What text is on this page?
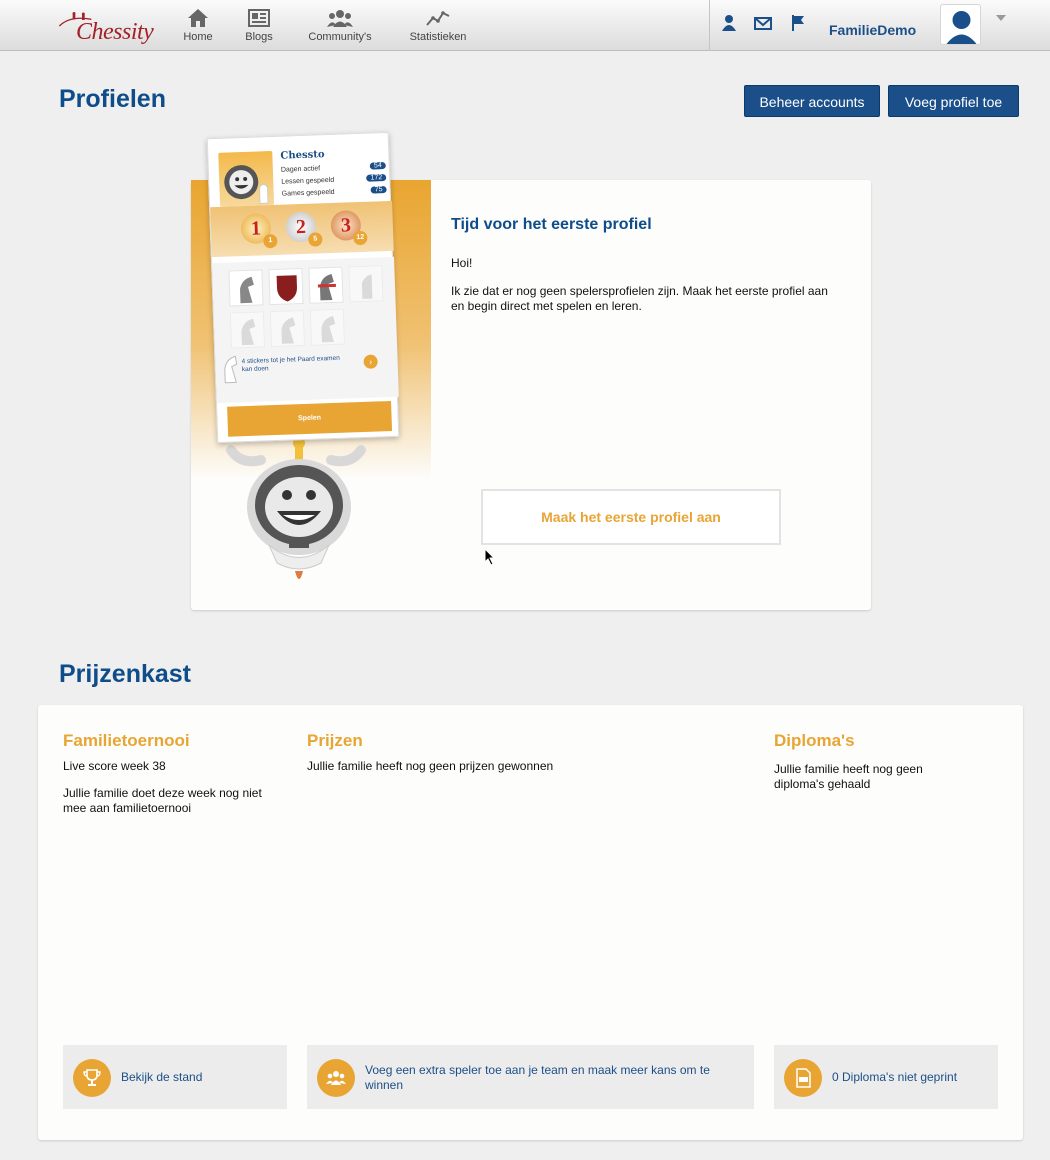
Chessity	Home	Blogs	Community's	Statistieken	FamilieDemo
Profielen	Beheer accounts	Voeg profiel toe
Tijd voor het eerste profiel
Hoi!
Ik zie dat er nog geen spelersprofielen zijn. Maak het eerste profiel aan en begin direct met spelen en leren.
Maak het eerste profiel aan
Chessto
Dagen actief	54
Lessen gespeeld	172
Games gespeeld	75
1
1
2
5
3
12
4 stickers tot je het Paard examen kan doen
›
Spelen
Prijzenkast
Familietoernooi
Live score week 38
Jullie familie doet deze week nog niet mee aan familietoernooi
Prijzen
Jullie familie heeft nog geen prijzen gewonnen
Diploma's
Jullie familie heeft nog geen diploma's gehaald
Bekijk de stand	Voeg een extra speler toe aan je team en maak meer kans om te winnen
0 Diploma's niet geprint
